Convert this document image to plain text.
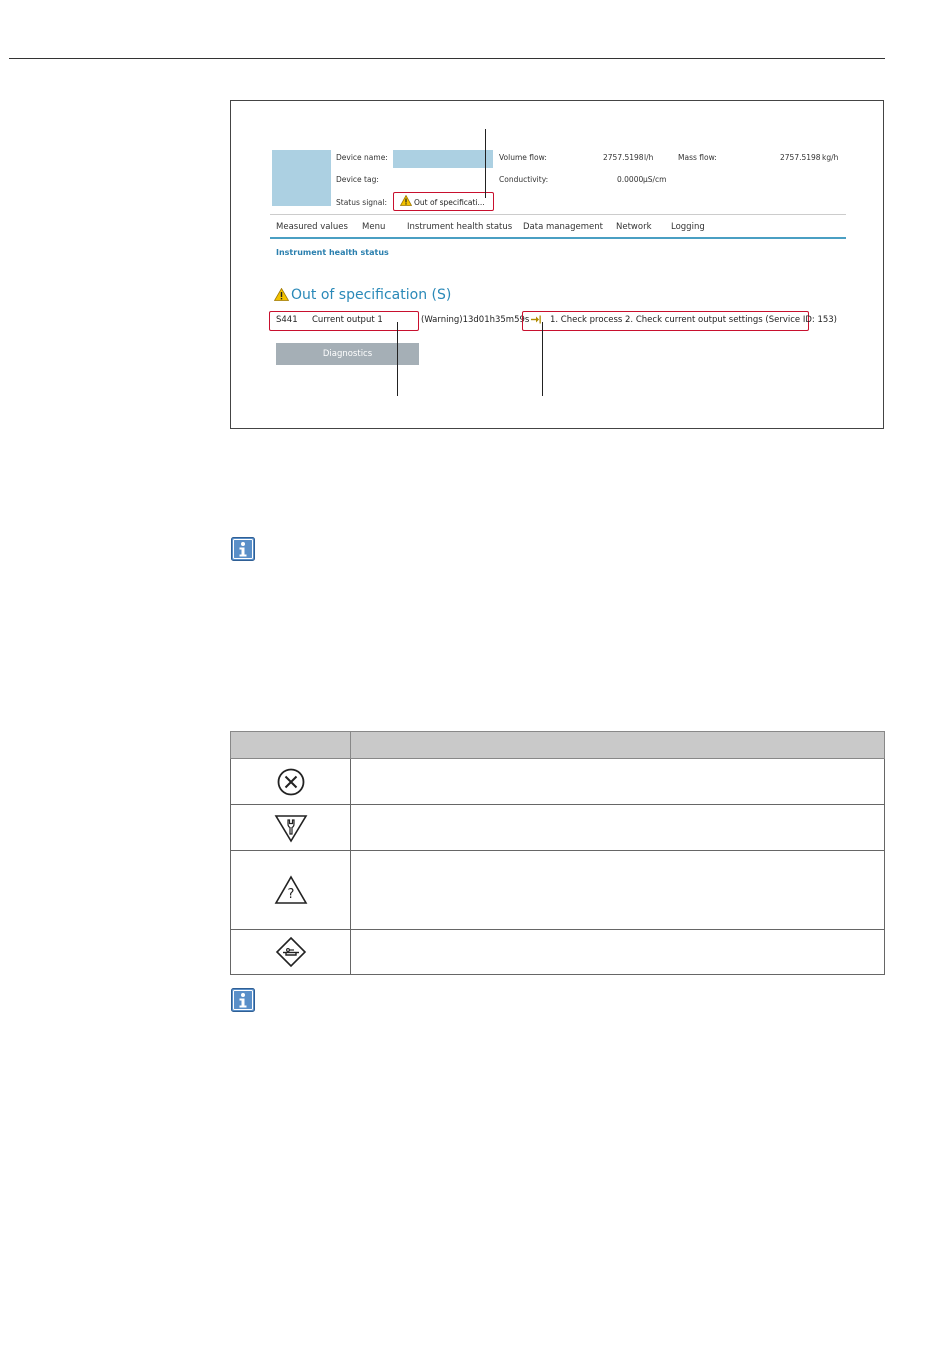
Device name:
Device tag:
Status signal:	Out of specificati...
Volume flow:	2757.5198 l/h	Mass flow:	2757.5198 kg/h
Conductivity:	0.0000 µS/cm
Measured values Menu	Instrument health status Data management Network Logging
Instrument health status
Out of specification (S)
S441 Current output 1	(Warning)13d01h35m59s 1. Check process 2. Check current output settings (Service ID: 153)
Diagnostics

?	
